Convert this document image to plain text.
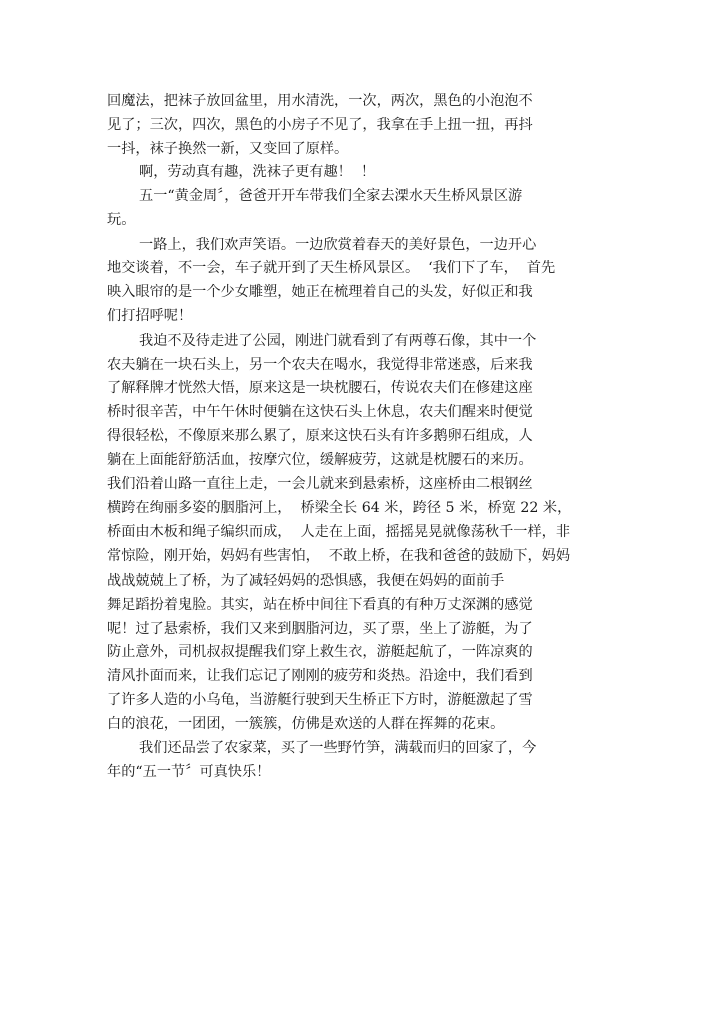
回魔法，把袜子放回盆里，用水清洗，一次，两次，黑色的小泡泡不
见了；三次，四次，黑色的小房子不见了，我拿在手上扭一扭，再抖
一抖，袜子换然一新，又变回了原样。
啊，劳动真有趣，洗袜子更有趣！  ！
五一“黄金周〞，爸爸开开车带我们全家去溧水天生桥风景区游
玩。
一路上，我们欢声笑语。一边欣赏着春天的美好景色，一边开心
地交谈着，不一会，车子就开到了天生桥风景区。  ‘我们下了车，  首先
映入眼帘的是一个少女雕塑，她正在梳理着自己的头发，好似正和我
们打招呼呢！
我迫不及待走进了公园，刚进门就看到了有两尊石像，其中一个
农夫躺在一块石头上，另一个农夫在喝水，我觉得非常迷惑，后来我
了解释牌才恍然大悟，原来这是一块枕腰石，传说农夫们在修建这座
桥时很辛苦，中午午休时便躺在这快石头上休息，农夫们醒来时便觉
得很轻松，不像原来那么累了，原来这快石头有许多鹅卵石组成，人
躺在上面能舒筋活血，按摩穴位，缓解疲劳，这就是枕腰石的来历。
我们沿着山路一直往上走，一会儿就来到悬索桥，这座桥由二根钢丝
横跨在绚丽多姿的胭脂河上，  桥梁全长 64 米，跨径 5 米，桥宽 22 米，
桥面由木板和绳子编织而成，  人走在上面，摇摇晃晃就像荡秋千一样，非
常惊险，刚开始，妈妈有些害怕，  不敢上桥，在我和爸爸的鼓励下，妈妈
战战兢兢上了桥，为了减轻妈妈的恐惧感，我便在妈妈的面前手
舞足蹈扮着鬼脸。其实，站在桥中间往下看真的有种万丈深渊的感觉
呢！过了悬索桥，我们又来到胭脂河边，买了票，坐上了游艇，为了
防止意外，司机叔叔提醒我们穿上救生衣，游艇起航了，一阵凉爽的
清风扑面而来，让我们忘记了刚刚的疲劳和炎热。沿途中，我们看到
了许多人造的小乌龟，当游艇行驶到天生桥正下方时，游艇激起了雪
白的浪花，一团团，一簇簇，仿佛是欢送的人群在挥舞的花束。
我们还品尝了农家菜，买了一些野竹笋，满载而归的回家了，今
年的“五一节〞可真快乐！
